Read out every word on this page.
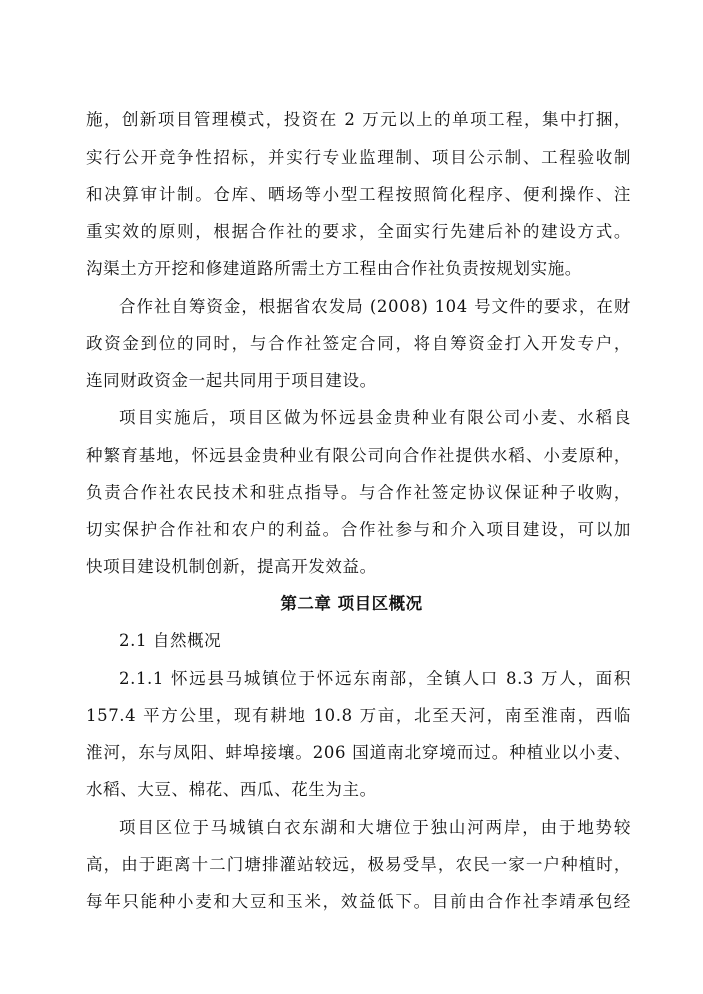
施，创新项目管理模式，投资在 2 万元以上的单项工程，集中打捆，
实行公开竞争性招标，并实行专业监理制、项目公示制、工程验收制
和决算审计制。仓库、晒场等小型工程按照简化程序、便利操作、注
重实效的原则，根据合作社的要求，全面实行先建后补的建设方式。
沟渠土方开挖和修建道路所需土方工程由合作社负责按规划实施。
合作社自筹资金，根据省农发局 (2008) 104 号文件的要求，在财
政资金到位的同时，与合作社签定合同，将自筹资金打入开发专户，
连同财政资金一起共同用于项目建设。
项目实施后，项目区做为怀远县金贵种业有限公司小麦、水稻良
种繁育基地，怀远县金贵种业有限公司向合作社提供水稻、小麦原种，
负责合作社农民技术和驻点指导。与合作社签定协议保证种子收购，
切实保护合作社和农户的利益。合作社参与和介入项目建设，可以加
快项目建设机制创新，提高开发效益。
第二章 项目区概况
2.1 自然概况
2.1.1 怀远县马城镇位于怀远东南部，全镇人口 8.3 万人，面积
157.4 平方公里，现有耕地 10.8 万亩，北至天河，南至淮南，西临
淮河，东与凤阳、蚌埠接壤。206 国道南北穿境而过。种植业以小麦、
水稻、大豆、棉花、西瓜、花生为主。
项目区位于马城镇白衣东湖和大塘位于独山河两岸，由于地势较
高，由于距离十二门塘排灌站较远，极易受旱，农民一家一户种植时，
每年只能种小麦和大豆和玉米，效益低下。目前由合作社李靖承包经
